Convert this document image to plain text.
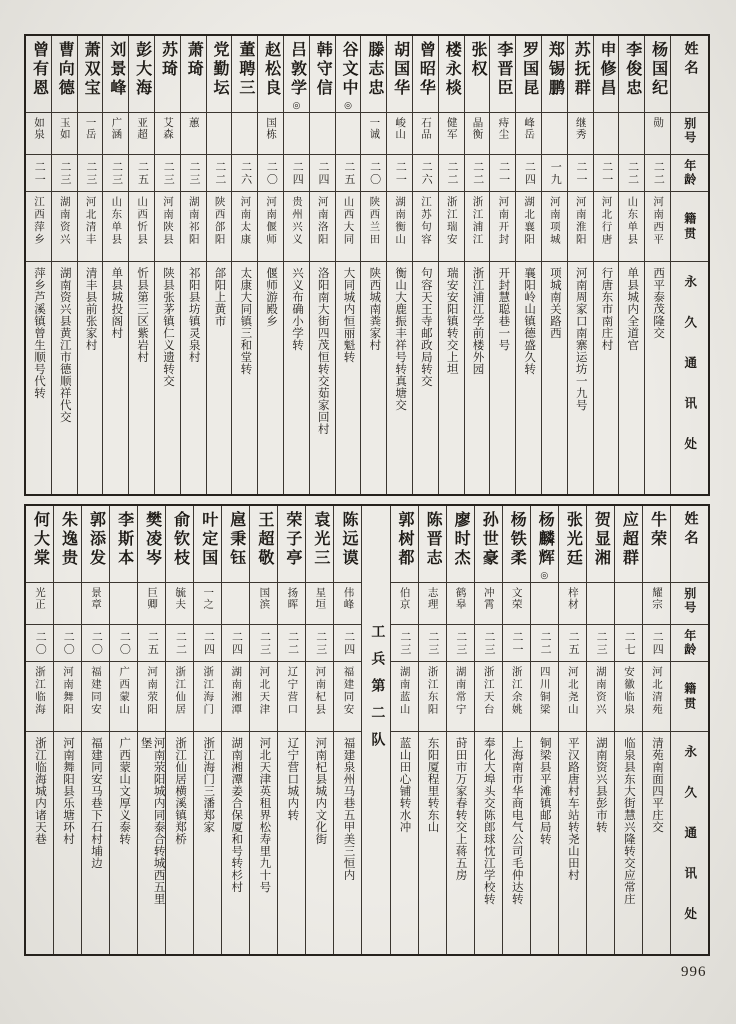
姓名
别号
年龄
籍贯
永久通讯处
杨国纪
勋
二二
河南西平
西平泰茂隆交
李俊忠
二二
山东单县
单县城内全道官
申修昌
二一
河北行唐
行唐东市南庄村
苏抚群
继秀
二一
河南淮阳
河南周家口南寨运坊一九号
郑锡鹏
一九
河南项城
项城南关路西
罗国昆
峰岳
二四
湖北襄阳
襄阳岭山镇德盛久转
李晋臣
痔尘
二一
河南开封
开封慧聪巷一号
张权
晶衡
二二
浙江浦江
浙江浦江学前楼外园
楼永棪
健军
二二
浙江瑞安
瑞安安阳镇转交上坦
曾昭华
石品
二六
江苏句容
句容天王寺邮政局转交
胡国华
峻山
二一
湖南衡山
衡山大鹿振丰祥号转真塘交
滕志忠
一诚
二〇
陕西兰田
陕西城南粪家村
谷文中
◎
二五
山西大同
大同城内恒丽魁转
韩守信
二四
河南洛阳
洛阳南大街四茂恒转交茹家回村
吕敦学
◎
二四
贵州兴义
兴义布确小学转
赵松良
国栋
二〇
河南偃师
偃师游殿乡
董聘三
二六
河南太康
太康大同镇三和堂转
党勤坛
二二
陕西郃阳
郃阳上黄市
萧琦
蕙
二三
湖南祁阳
祁阳县坊镇灵泉村
苏琦
艾森
二三
河南陕县
陕县张茅镇仁义遗转交
彭大海
亚超
二五
山西忻县
忻县第三区紫岩村
刘景峰
广涵
二三
山东单县
单县城投阁村
萧双宝
一岳
二三
河北清丰
清丰县前张家村
曹向德
玉如
二三
湖南资兴
湖南资兴县黄江市德顺祥代交
曾有恩
如泉
二一
江西萍乡
萍乡芦溪镇曾生顺号代转
姓名
别号
年龄
籍贯
永久通讯处
牛荣
耀宗
二四
河北清苑
清苑南面四平庄交
应超群
二七
安徽临泉
临泉县东大街慧兴隆转交应常庄
贺显湘
二三
湖南资兴
湖南资兴县彭市转
张光廷
梓材
二五
河北尧山
平汉路唐村车站转尧山田村
杨麟辉
◎
二二
四川铜梁
铜梁县平滩镇邮局转
杨铁柔
文荣
二一
浙江余姚
上海南市华商电气公司毛仲达转
孙世豪
冲霄
二三
浙江天台
奉化大埠头交陈郎球忱江学校转
廖时杰
鹤皋
二三
湖南常宁
莳田市万家春转交上蒋五房
陈晋志
志理
二三
浙江东阳
东阳厦程里转东山
郭树都
伯京
二三
湖南蓝山
蓝山田心铺转水冲
工兵第二队
陈远谟
伟峰
二四
福建同安
福建泉州马巷五甲美三恒内
袁光三
星垣
二三
河南杞县
河南杞县城内文化街
荣子亭
扬晖
二二
辽宁营口
辽宁营口城内转
王超敬
国滨
二三
河北天津
河北天津英租界松寿里九十号
扈秉钰
二四
湖南湘潭
湖南湘潭姜合保厦和号转杉村
叶定国
一之
二四
浙江海门
浙江海门三潘郑家
俞钦枝
毓夫
二二
浙江仙居
浙江仙居横溪镇郑桥
樊凌岑
巨卿
二五
河南荥阳
河南荥阳城内同泰合转城西五里堡
李斯本
二〇
广西蒙山
广西蒙山文厚义泰转
郭添发
景章
二〇
福建同安
福建同安马巷下石村埔边
朱逸贵
二〇
河南舞阳
河南舞阳县乐塘环村
何大棠
光正
二〇
浙江临海
浙江临海城内诸天巷
996
